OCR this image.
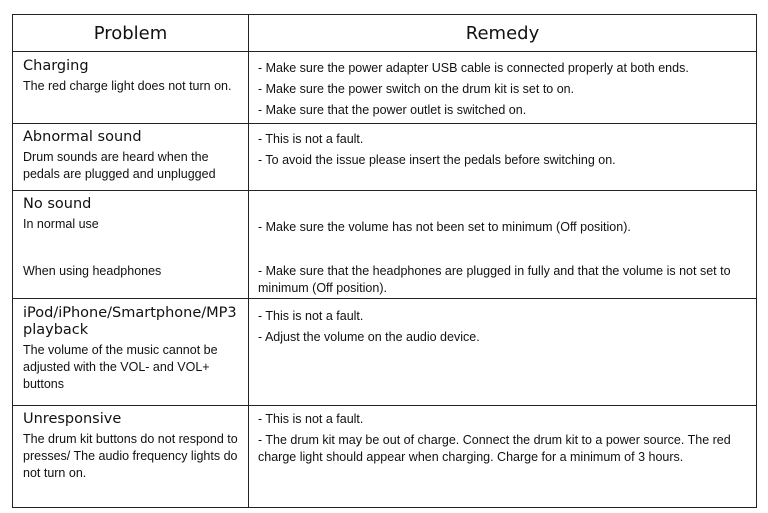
Problem	Remedy

Charging

The red charge light does not turn on.

- Make sure the power adapter USB cable is connected properly at both ends.

- Make sure the power switch on the drum kit is set to on.

- Make sure that the power outlet is switched on.

Abnormal sound

Drum sounds are heard when the pedals are plugged and unplugged

- This is not a fault.

- To avoid the issue please insert the pedals before switching on.

No sound

In normal use

When using headphones

- Make sure the volume has not been set to minimum (Off position).

- Make sure that the headphones are plugged in fully and that the volume is not set to minimum (Off position).

iPod/iPhone/Smartphone/MP3 playback

The volume of the music cannot be adjusted with the VOL- and VOL+ buttons

- This is not a fault.

- Adjust the volume on the audio device.

Unresponsive

The drum kit buttons do not respond to presses/ The audio frequency lights do not turn on.

- This is not a fault.

- The drum kit may be out of charge. Connect the drum kit to a power source. The red charge light should appear when charging. Charge for a minimum of 3 hours.
